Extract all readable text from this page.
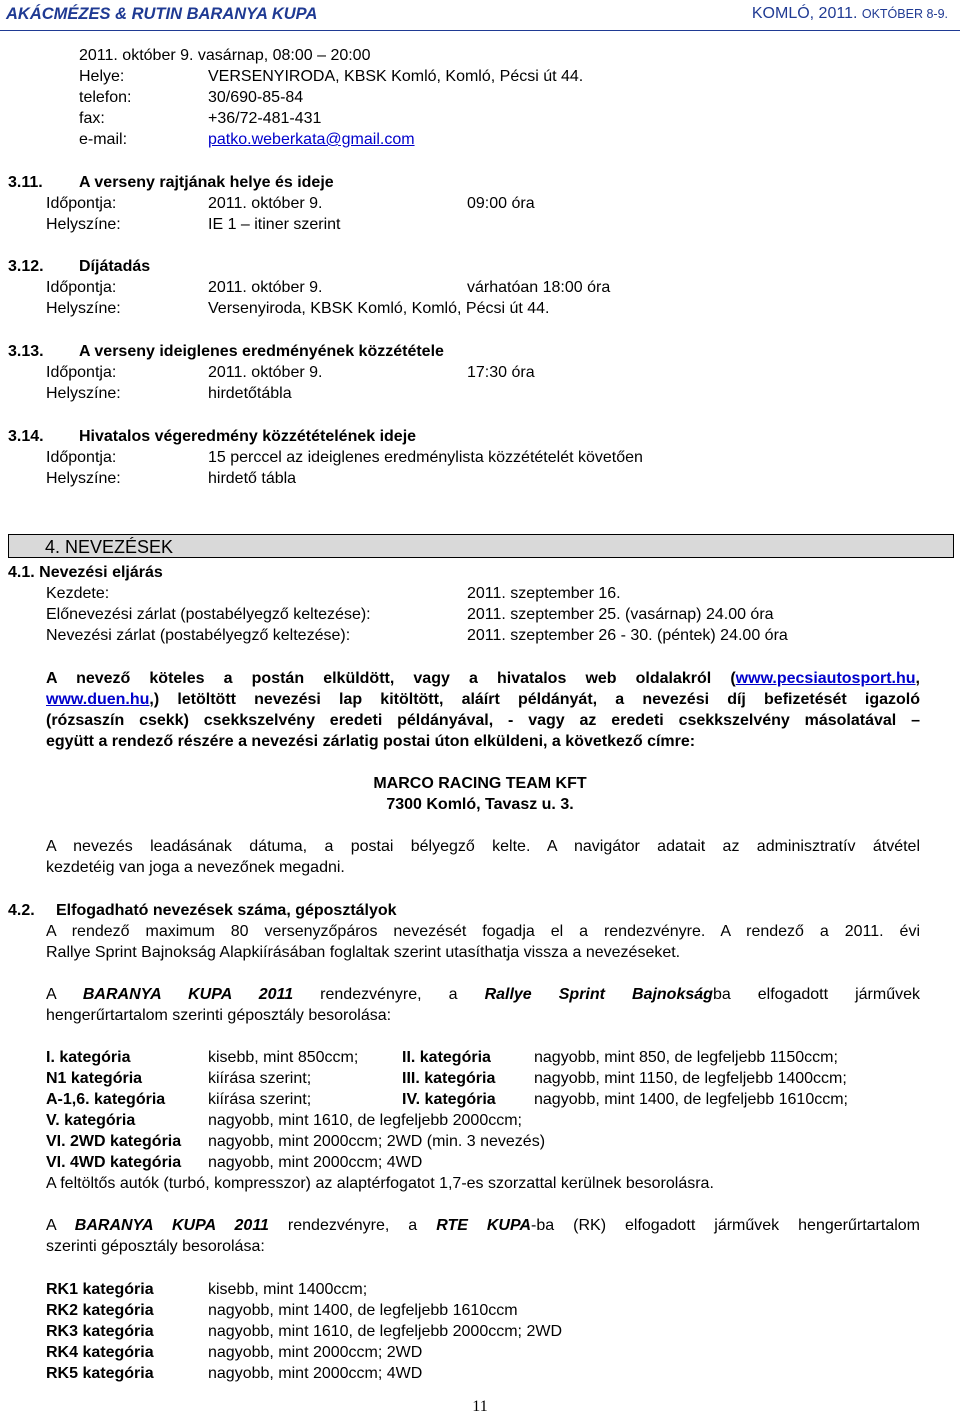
AKÁCMÉZES & RUTIN BARANYA KUPA	KOMLÓ, 2011. OKTÓBER 8-9.
2011. október 9. vasárnap, 08:00 – 20:00
Helye:	VERSENYIRODA, KBSK Komló, Komló, Pécsi út 44.
telefon:	30/690-85-84
fax:	+36/72-481-431
e-mail:	patko.weberkata@gmail.com
3.11. A verseny rajtjának helye és ideje
Időpontja:	2011. október 9.	09:00 óra
Helyszíne:	IE 1 – itiner szerint
3.12. Díjátadás
Időpontja:	2011. október 9.	várhatóan 18:00 óra
Helyszíne:	Versenyiroda, KBSK Komló, Komló, Pécsi út 44.
3.13. A verseny ideiglenes eredményének közzététele
Időpontja:	2011. október 9.	17:30 óra
Helyszíne:	hirdetőtábla
3.14. Hivatalos végeredmény közzétételének ideje
Időpontja:	15 perccel az ideiglenes eredménylista közzétételét követően
Helyszíne:	hirdető tábla
4. NEVEZÉSEK
4.1. Nevezési eljárás
Kezdete:	2011. szeptember 16.
Előnevezési zárlat (postabélyegző keltezése):	2011. szeptember 25. (vasárnap) 24.00 óra
Nevezési zárlat (postabélyegző keltezése):	2011. szeptember 26 - 30. (péntek) 24.00 óra
A nevező köteles a postán elküldött, vagy a hivatalos web oldalakról (www.pecsiautosport.hu,
www.duen.hu,) letöltött nevezési lap kitöltött, aláírt példányát, a nevezési díj befizetését igazoló
(rózsaszín csekk) csekkszelvény eredeti példányával, - vagy az eredeti csekkszelvény másolatával –
együtt a rendező részére a nevezési zárlatig postai úton elküldeni, a következő címre:
MARCO RACING TEAM KFT
7300 Komló, Tavasz u. 3.
A nevezés leadásának dátuma, a postai bélyegző kelte. A navigátor adatait az adminisztratív átvétel
kezdetéig van joga a nevezőnek megadni.
4.2. Elfogadható nevezések száma, géposztályok
A rendező maximum 80 versenyzőpáros nevezését fogadja el a rendezvényre. A rendező a 2011. évi
Rallye Sprint Bajnokság Alapkiírásában foglaltak szerint utasíthatja vissza a nevezéseket.
A BARANYA KUPA 2011 rendezvényre, a Rallye Sprint Bajnokságba elfogadott járművek
hengerűrtartalom szerinti géposztály besorolása:
I. kategória	kisebb, mint 850ccm;	II. kategória	nagyobb, mint 850, de legfeljebb 1150ccm;
N1 kategória	kiírása szerint;	III. kategória nagyobb, mint 1150, de legfeljebb 1400ccm;
A-1,6. kategória	kiírása szerint;	IV. kategória nagyobb, mint 1400, de legfeljebb 1610ccm;
V. kategória	nagyobb, mint 1610, de legfeljebb 2000ccm;
VI. 2WD kategória nagyobb, mint 2000ccm; 2WD (min. 3 nevezés)
VI. 4WD kategória nagyobb, mint 2000ccm; 4WD
A feltöltős autók (turbó, kompresszor) az alaptérfogatot 1,7-es szorzattal kerülnek besorolásra.
A BARANYA KUPA 2011 rendezvényre, a RTE KUPA-ba (RK) elfogadott járművek hengerűrtartalom
szerinti géposztály besorolása:
RK1 kategória	kisebb, mint 1400ccm;
RK2 kategória	nagyobb, mint 1400, de legfeljebb 1610ccm
RK3 kategória	nagyobb, mint 1610, de legfeljebb 2000ccm; 2WD
RK4 kategória	nagyobb, mint 2000ccm; 2WD
RK5 kategória	nagyobb, mint 2000ccm; 4WD
11
